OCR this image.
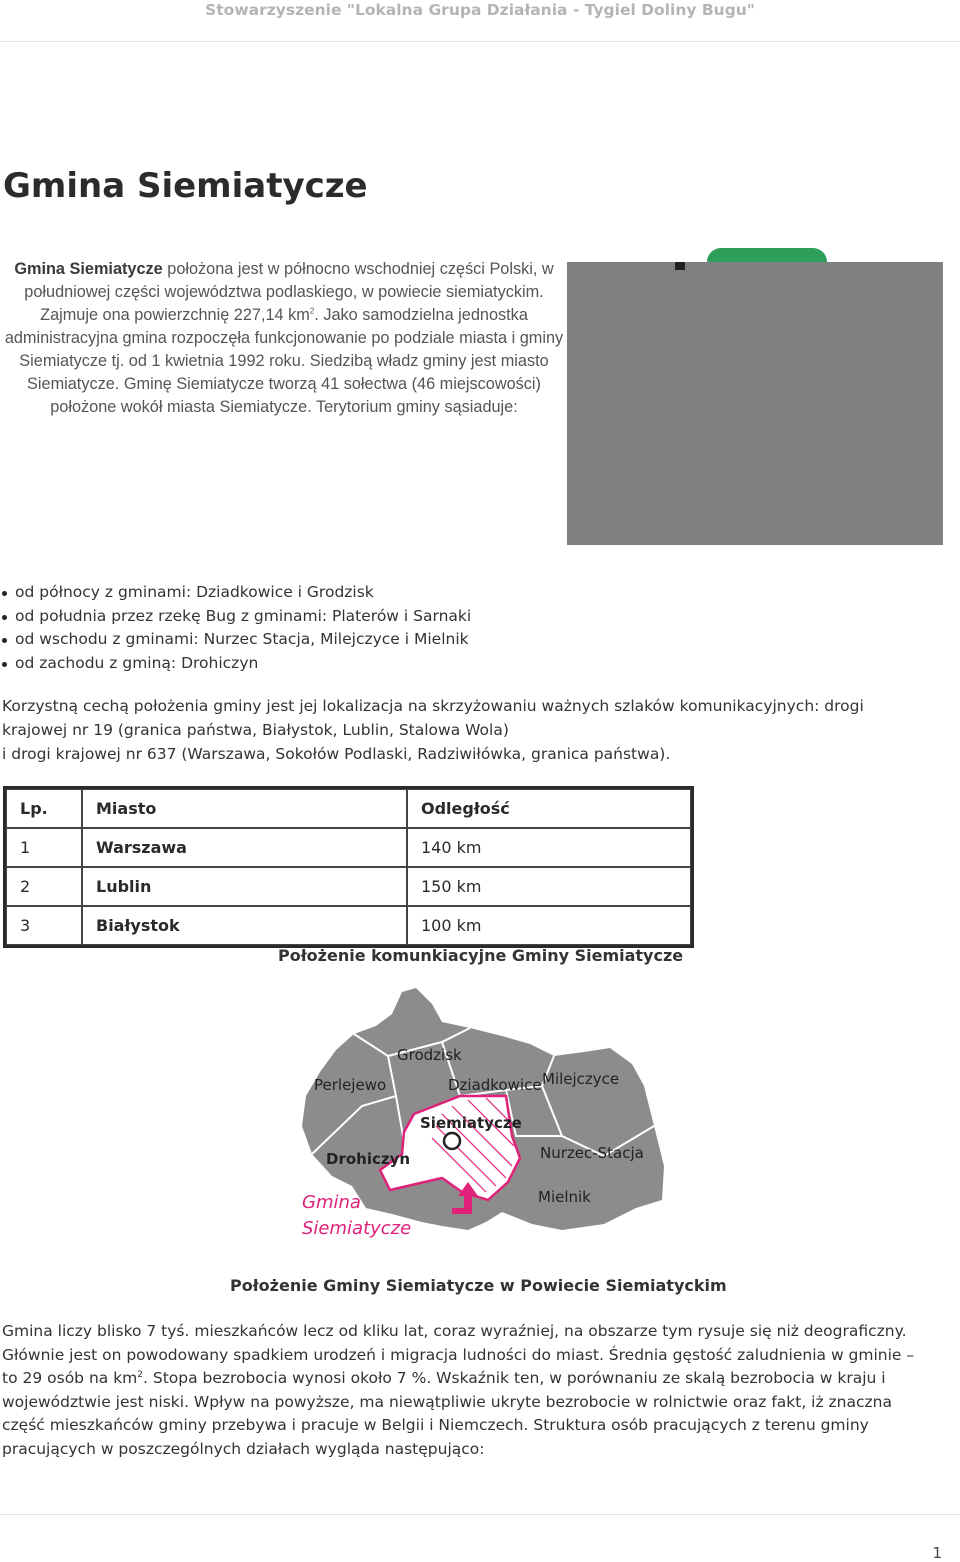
Stowarzyszenie "Lokalna Grupa Działania - Tygiel Doliny Bugu"
Gmina Siemiatycze

Gmina Siemiatycze położona jest w północno wschodniej części Polski, w południowej części województwa podlaskiego, w powiecie siemiatyckim. Zajmuje ona powierzchnię 227,14 $km^2$. Jako samodzielna jednostka administracyjna gmina rozpoczęła funkcjonowanie po podziale miasta i gminy Siemiatycze tj. od 1 kwietnia 1992 roku. Siedzibą władz gminy jest miasto Siemiatycze. Gminę Siemiatycze tworzą 41 sołectwa (46 miejscowości) położone wokół miasta Siemiatycze. Terytorium gminy sąsiaduje:

od północy z gminami: Dziadkowice i Grodzisk
od południa przez rzekę Bug z gminami: Platerów i Sarnaki
od wschodu z gminami: Nurzec Stacja, Milejczyce i Mielnik
od zachodu z gminą: Drohiczyn

Korzystną cechą położenia gminy jest jej lokalizacja na skrzyżowaniu ważnych szlaków komunikacyjnych: drogi
krajowej nr 19 (granica państwa, Białystok, Lublin, Stalowa Wola)
i drogi krajowej nr 637 (Warszawa, Sokołów Podlaski, Radziwiłówka, granica państwa).

Lp.	Miasto	Odległość
1	Warszawa	140 km
2	Lublin	150 km
3	Białystok	100 km

Położenie komunkiacyjne Gminy Siemiatycze

Grodzisk
Perlejewo	Dziadkowice Milejczyce
Siemiatycze
Drohiczyn	Nurzec-Stacja
Mielnik
Gmina
Siemiatycze

Położenie Gminy Siemiatycze w Powiecie Siemiatyckim

Gmina liczy blisko 7 tyś. mieszkańców lecz od kliku lat, coraz wyraźniej, na obszarze tym rysuje się niż deograficzny.
Głównie jest on powodowany spadkiem urodzeń i migracja ludności do miast. Średnia gęstość zaludnienia w gminie –
to 29 osób na $km^2$. Stopa bezrobocia wynosi około 7 %. Wskaźnik ten, w porównaniu ze skalą bezrobocia w kraju i
województwie jest niski. Wpływ na powyższe, ma niewątpliwie ukryte bezrobocie w rolnictwie oraz fakt, iż znaczna
część mieszkańców gminy przebywa i pracuje w Belgii i Niemczech. Struktura osób pracujących z terenu gminy
pracujących w poszczególnych działach wygląda następująco:

1
